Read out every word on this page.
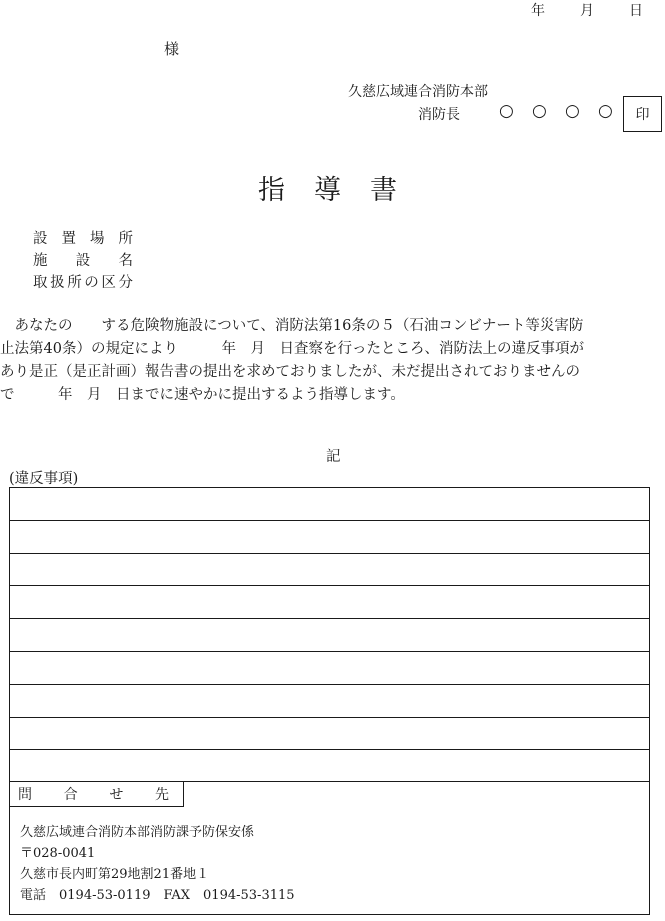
年	月	日
様
久慈広域連合消防本部
消防長 ○ ○ ○ ○	印
指 導 書
設置場所
施設名
取扱所の区分
　あなたの　　する危険物施設について、消防法第16条の５（石油コンビナート等災害防
止法第40条）の規定により　　　年　月　日査察を行ったところ、消防法上の違反事項が
あり是正（是正計画）報告書の提出を求めておりましたが、未だ提出されておりませんの
で　　　年　月　日までに速やかに提出するよう指導します。
記
(違反事項)
問合せ先
久慈広域連合消防本部消防課予防保安係
〒028-0041
久慈市長内町第29地割21番地１
電話　0194-53-0119　FAX　0194-53-3115
